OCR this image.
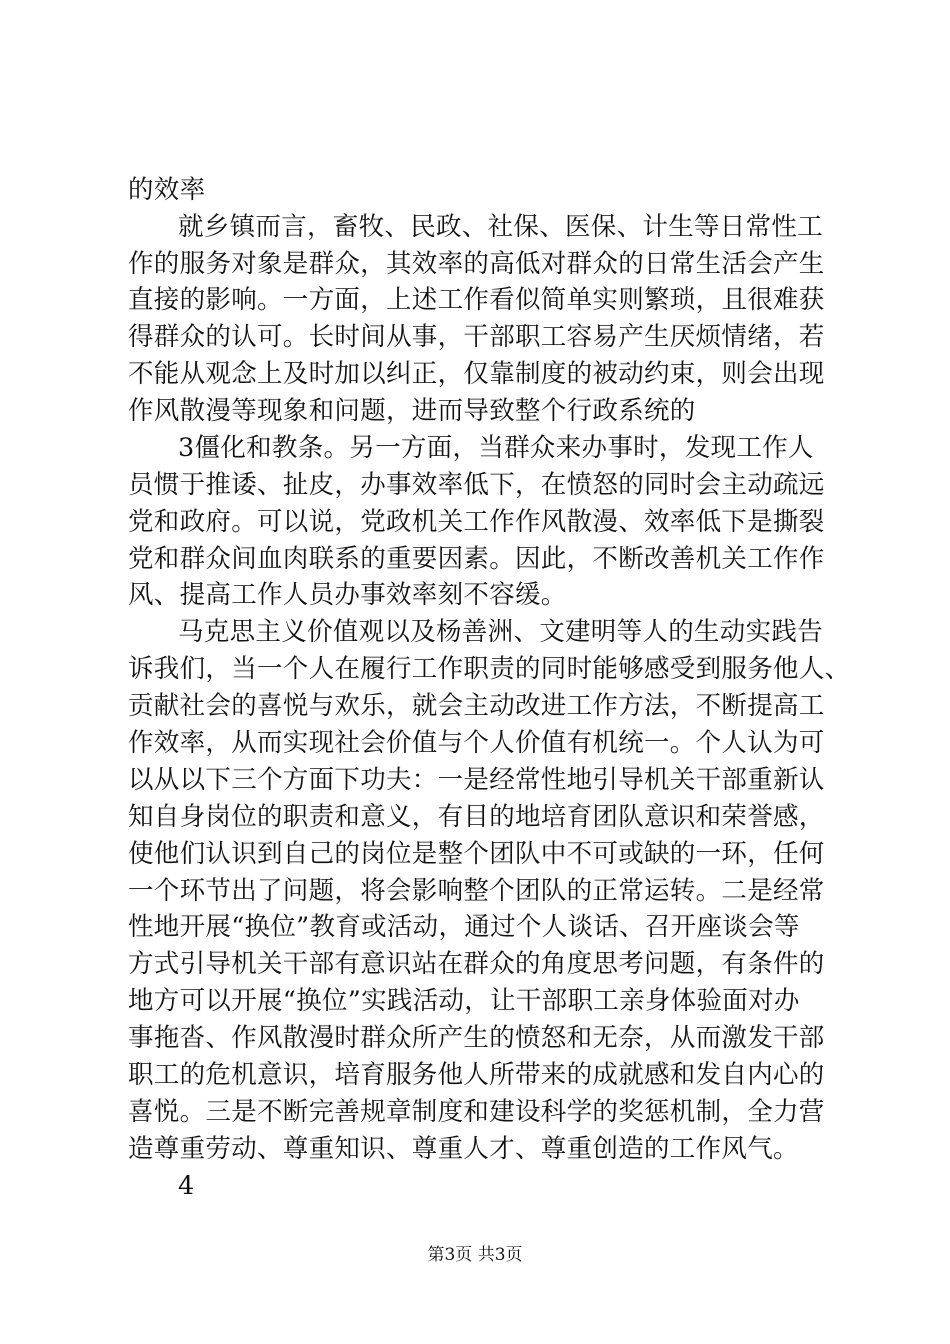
的效率
就乡镇而言，畜牧、民政、社保、医保、计生等日常性工
作的服务对象是群众，其效率的高低对群众的日常生活会产生
直接的影响。一方面，上述工作看似简单实则繁琐，且很难获
得群众的认可。长时间从事，干部职工容易产生厌烦情绪，若
不能从观念上及时加以纠正，仅靠制度的被动约束，则会出现
作风散漫等现象和问题，进而导致整个行政系统的
3僵化和教条。另一方面，当群众来办事时，发现工作人
员惯于推诿、扯皮，办事效率低下，在愤怒的同时会主动疏远
党和政府。可以说，党政机关工作作风散漫、效率低下是撕裂
党和群众间血肉联系的重要因素。因此，不断改善机关工作作
风、提高工作人员办事效率刻不容缓。
马克思主义价值观以及杨善洲、文建明等人的生动实践告
诉我们，当一个人在履行工作职责的同时能够感受到服务他人、
贡献社会的喜悦与欢乐，就会主动改进工作方法，不断提高工
作效率，从而实现社会价值与个人价值有机统一。个人认为可
以从以下三个方面下功夫：一是经常性地引导机关干部重新认
知自身岗位的职责和意义，有目的地培育团队意识和荣誉感，
使他们认识到自己的岗位是整个团队中不可或缺的一环，任何
一个环节出了问题，将会影响整个团队的正常运转。二是经常
性地开展“换位”教育或活动，通过个人谈话、召开座谈会等
方式引导机关干部有意识站在群众的角度思考问题，有条件的
地方可以开展“换位”实践活动，让干部职工亲身体验面对办
事拖沓、作风散漫时群众所产生的愤怒和无奈，从而激发干部
职工的危机意识，培育服务他人所带来的成就感和发自内心的
喜悦。三是不断完善规章制度和建设科学的奖惩机制，全力营
造尊重劳动、尊重知识、尊重人才、尊重创造的工作风气。
4
第3页 共3页
